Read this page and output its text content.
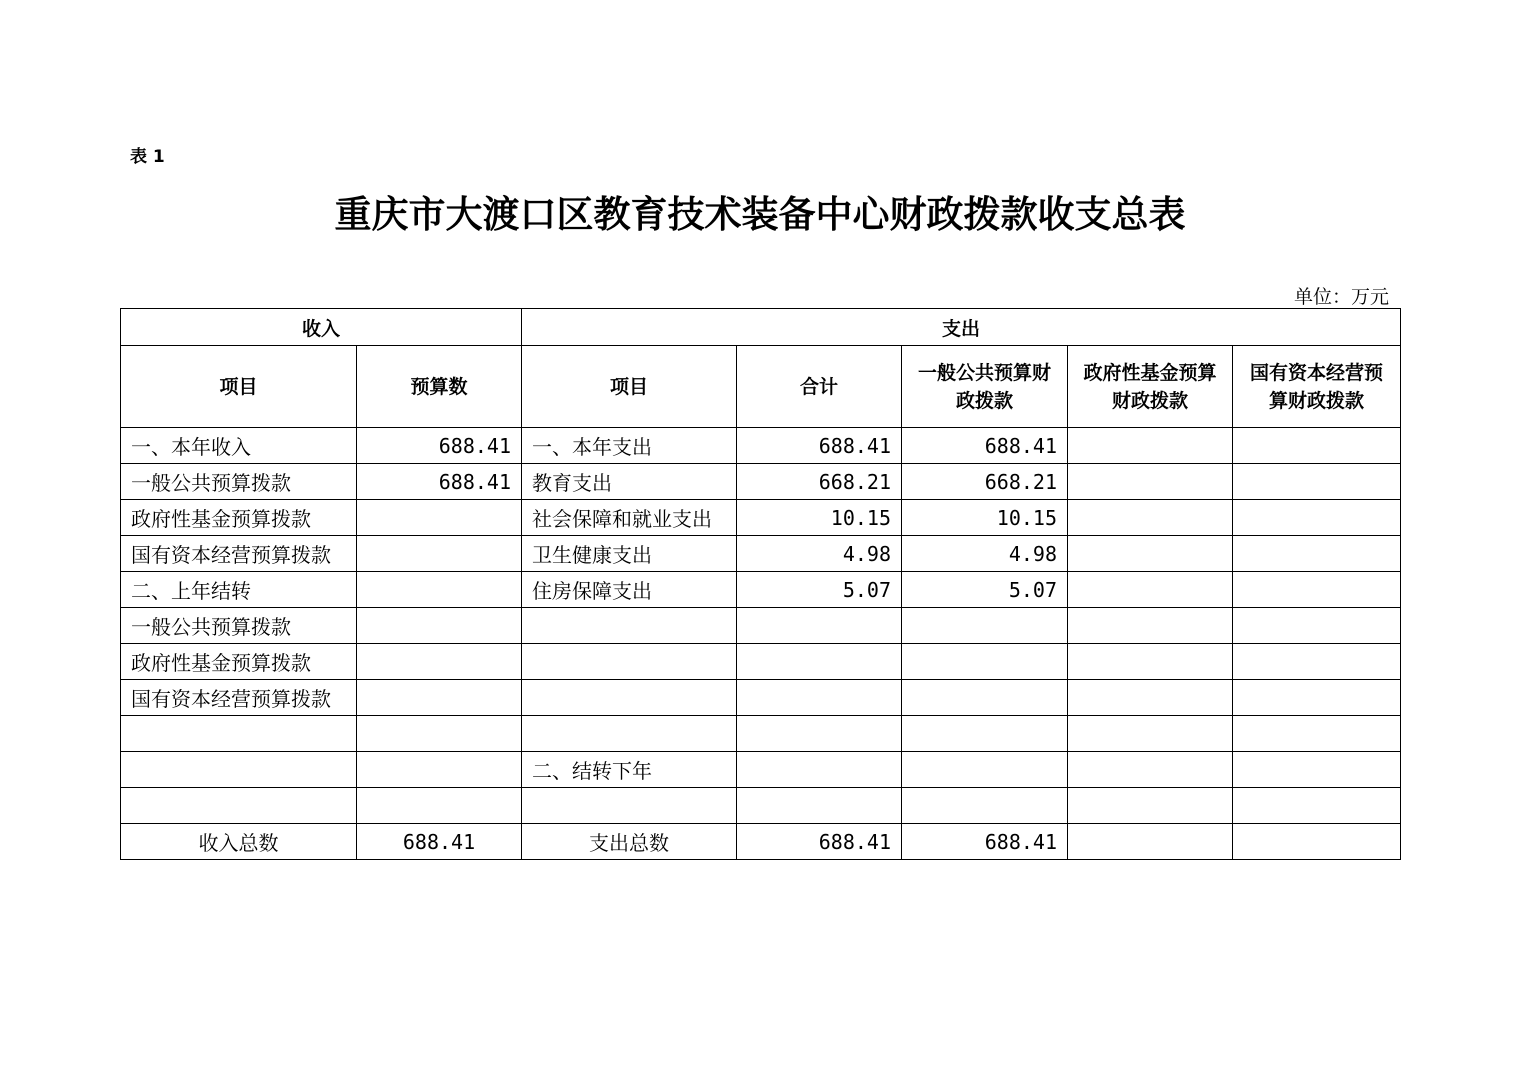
表 1
重庆市大渡口区教育技术装备中心财政拨款收支总表
单位：万元
收入		支出				
项目	预算数	项目	合计	一般公共预算财政拨款	政府性基金预算财政拨款	国有资本经营预算财政拨款
一、本年收入	688.41	一、本年支出	688.41	688.41		
一般公共预算拨款	688.41	教育支出	668.21	668.21		
政府性基金预算拨款		社会保障和就业支出	10.15	10.15		
国有资本经营预算拨款		卫生健康支出	4.98	4.98		
二、上年结转		住房保障支出	5.07	5.07		
一般公共预算拨款						
政府性基金预算拨款						
国有资本经营预算拨款						

		二、结转下年				

收入总数	688.41	支出总数	688.41	688.41		
